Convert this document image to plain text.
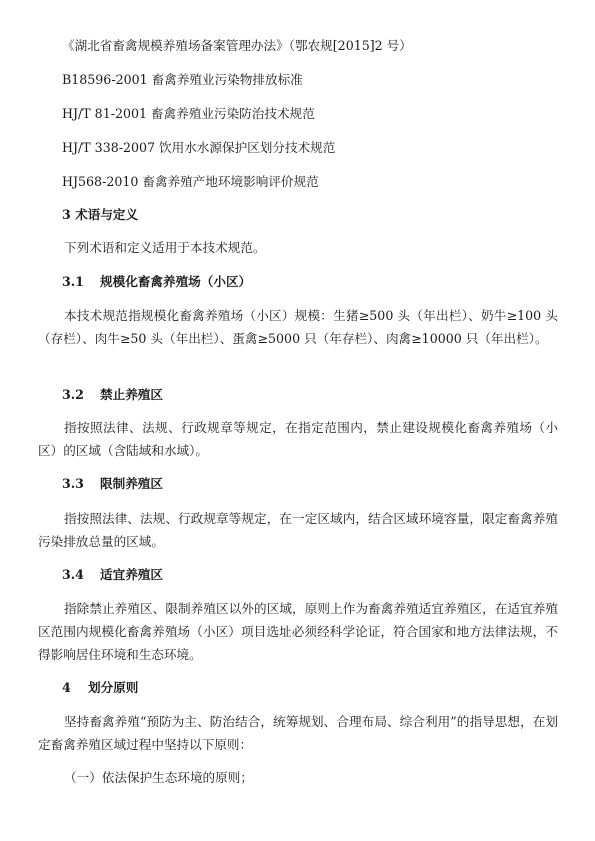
《湖北省畜禽规模养殖场备案管理办法》（鄂农规[2015]2 号）

B18596-2001 畜禽养殖业污染物排放标准

HJ/T 81-2001 畜禽养殖业污染防治技术规范

HJ/T 338-2007 饮用水水源保护区划分技术规范

HJ568-2010 畜禽养殖产地环境影响评价规范

3 术语与定义

下列术语和定义适用于本技术规范。

3.1 规模化畜禽养殖场（小区）

本技术规范指规模化畜禽养殖场（小区）规模：生猪≥500 头（年出栏）、奶牛≥100 头（存栏）、肉牛≥50 头（年出栏）、蛋禽≥5000 只（年存栏）、肉禽≥10000 只（年出栏）。

3.2 禁止养殖区

指按照法律、法规、行政规章等规定，在指定范围内，禁止建设规模化畜禽养殖场（小区）的区域（含陆域和水域）。

3.3 限制养殖区

指按照法律、法规、行政规章等规定，在一定区域内，结合区域环境容量，限定畜禽养殖污染排放总量的区域。

3.4 适宜养殖区

指除禁止养殖区、限制养殖区以外的区域，原则上作为畜禽养殖适宜养殖区，在适宜养殖区范围内规模化畜禽养殖场（小区）项目选址必须经科学论证，符合国家和地方法律法规，不得影响居住环境和生态环境。

4 划分原则

坚持畜禽养殖“预防为主、防治结合，统筹规划、合理布局、综合利用”的指导思想，在划定畜禽养殖区域过程中坚持以下原则：

（一）依法保护生态环境的原则；
